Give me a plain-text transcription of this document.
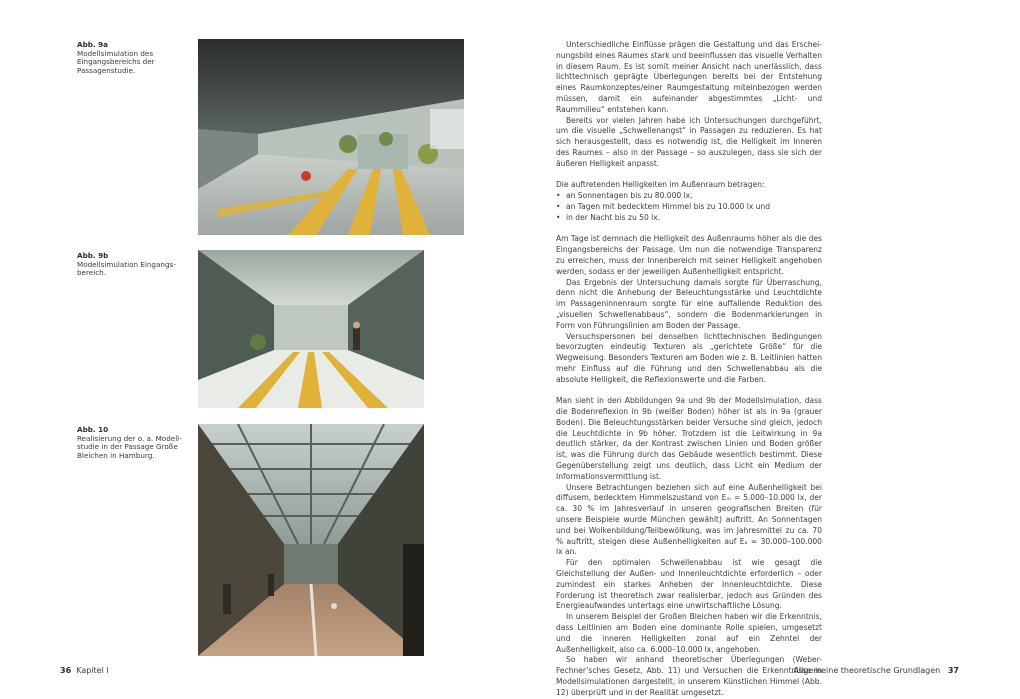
Abb. 9a
Modellsimulation des Eingangsbereichs der Passagenstudie.
Abb. 9b
Modellsimulation Eingangsbereich.
Abb. 10
Realisierung der o. a. Modellstudie in der Passage Große Bleichen in Hamburg.

Unterschiedliche Einflüsse prägen die Gestaltung und das Erscheinungsbild eines Raumes stark und beeinflussen das visuelle Verhalten in diesem Raum. Es ist somit meiner Ansicht nach unerlässlich, dass lichttechnisch geprägte Überlegungen bereits bei der Entstehung eines Raumkonzeptes/einer Raumgestaltung miteinbezogen werden müssen, damit ein aufeinander abgestimmtes „Licht- und Raummilieu“ entstehen kann.

Bereits vor vielen Jahren habe ich Untersuchungen durchgeführt, um die visuelle „Schwellenangst“ in Passagen zu reduzieren. Es hat sich herausgestellt, dass es notwendig ist, die Helligkeit im Inneren des Raumes – also in der Passage – so auszulegen, dass sie sich der äußeren Helligkeit anpasst.

Die auftretenden Helligkeiten im Außenraum betragen:

• an Sonnentagen bis zu 80.000 lx,
• an Tagen mit bedecktem Himmel bis zu 10.000 lx und
• in der Nacht bis zu 50 lx.

Am Tage ist demnach die Helligkeit des Außenraums höher als die des Eingangsbereichs der Passage. Um nun die notwendige Transparenz zu erreichen, muss der Innenbereich mit seiner Helligkeit angehoben werden, sodass er der jeweiligen Außenhelligkeit entspricht.

Das Ergebnis der Untersuchung damals sorgte für Überraschung, denn nicht die Anhebung der Beleuchtungsstärke und Leuchtdichte im Passageninnenraum sorgte für eine auffallende Reduktion des „visuellen Schwellenabbaus“, sondern die Bodenmarkierungen in Form von Führungslinien am Boden der Passage.

Versuchspersonen bei denselben lichttechnischen Bedingungen bevorzugten eindeutig Texturen als „gerichtete Größe“ für die Wegweisung. Besonders Texturen am Boden wie z. B. Leitlinien hatten mehr Einfluss auf die Führung und den Schwellenabbau als die absolute Helligkeit, die Reflexionswerte und die Farben.

Man sieht in den Abbildungen 9a und 9b der Modellsimulation, dass die Bodenreflexion in 9b (weißer Boden) höher ist als in 9a (grauer Boden). Die Beleuchtungsstärken beider Versuche sind gleich, jedoch die Leuchtdichte in 9b höher. Trotzdem ist die Leitwirkung in 9a deutlich stärker, da der Kontrast zwischen Linien und Boden größer ist, was die Führung durch das Gebäude wesentlich bestimmt. Diese Gegenüberstellung zeigt uns deutlich, dass Licht ein Medium der Informationsvermittlung ist.

Unsere Betrachtungen beziehen sich auf eine Außenhelligkeit bei diffusem, bedecktem Himmelszustand von Eₘ = 5.000–10.000 lx, der ca. 30 % im Jahresverlauf in unseren geografischen Breiten (für unsere Beispiele wurde München gewählt) auftritt. An Sonnentagen und bei Wolkenbildung/Teilbewölkung, was im Jahresmittel zu ca. 70 % auftritt, steigen diese Außenhelligkeiten auf Eₐ ≈ 30.000–100.000 lx an.

Für den optimalen Schwellenabbau ist wie gesagt die Gleichstellung der Außen- und Innenleuchtdichte erforderlich – oder zumindest ein starkes Anheben der Innenleuchtdichte. Diese Forderung ist theoretisch zwar realisierbar, jedoch aus Gründen des Energieaufwandes untertags eine unwirtschaftliche Lösung.

In unserem Beispiel der Großen Bleichen haben wir die Erkenntnis, dass Leitlinien am Boden eine dominante Rolle spielen, umgesetzt und die inneren Helligkeiten zonal auf ein Zehntel der Außenhelligkeit, also ca. 6.000–10.000 lx, angehoben.

So haben wir anhand theoretischer Überlegungen (Weber-Fechner’sches Gesetz, Abb. 11) und Versuchen die Erkenntnisse in Modellsimulationen dargestellt, in unserem Künstlichen Himmel (Abb. 12) überprüft und in der Realität umgesetzt.

36 Kapitel I	Allgemeine theoretische Grundlagen 37
